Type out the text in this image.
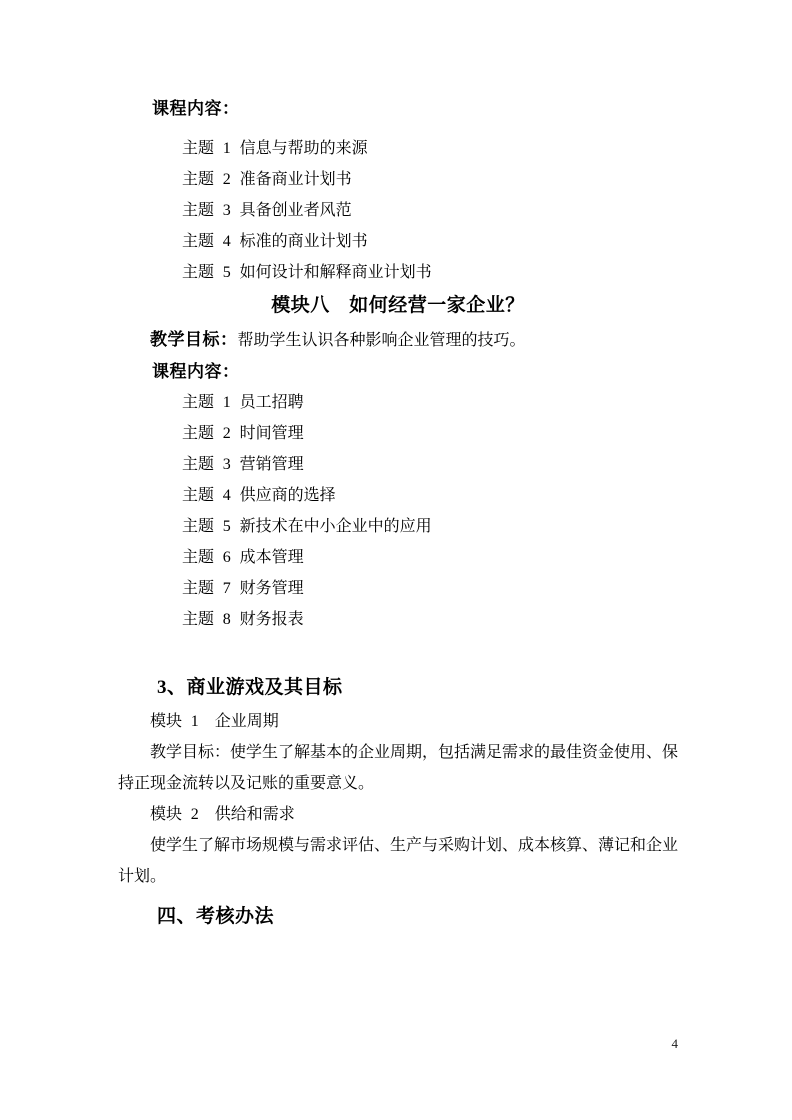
课程内容：
主题 1 信息与帮助的来源
主题 2 准备商业计划书
主题 3 具备创业者风范
主题 4 标准的商业计划书
主题 5 如何设计和解释商业计划书
模块八　如何经营一家企业？
教学目标：帮助学生认识各种影响企业管理的技巧。
课程内容：
主题 1 员工招聘
主题 2 时间管理
主题 3 营销管理
主题 4 供应商的选择
主题 5 新技术在中小企业中的应用
主题 6 成本管理
主题 7 财务管理
主题 8 财务报表
3、商业游戏及其目标
模块 1　企业周期
教学目标：使学生了解基本的企业周期，包括满足需求的最佳资金使用、保持正现金流转以及记账的重要意义。
模块 2　供给和需求
使学生了解市场规模与需求评估、生产与采购计划、成本核算、薄记和企业计划。
四、考核办法
4
